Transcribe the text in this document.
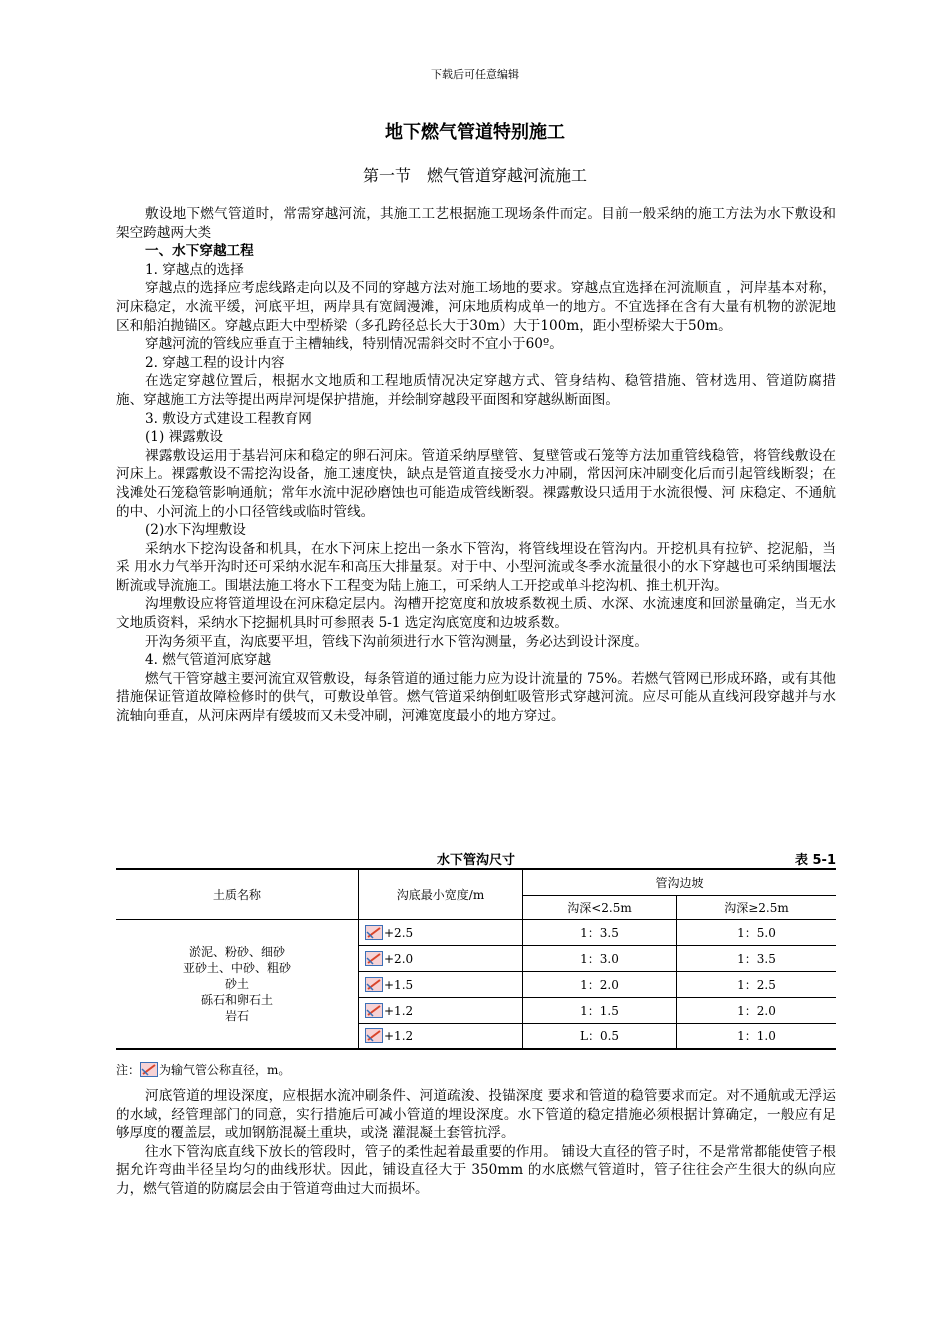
下载后可任意编辑
地下燃气管道特别施工
第一节　燃气管道穿越河流施工

敷设地下燃气管道时，常需穿越河流，其施工工艺根据施工现场条件而定。目前一般采纳的施工方法为水下敷设和架空跨越两大类

一、水下穿越工程

1. 穿越点的选择

穿越点的选择应考虑线路走向以及不同的穿越方法对施工场地的要求。穿越点宜选择在河流顺直 ，河岸基本对称，河床稳定，水流平缓，河底平坦，两岸具有宽阔漫滩，河床地质构成单一的地方。不宜选择在含有大量有机物的淤泥地区和船泊抛锚区。穿越点距大中型桥梁（多孔跨径总长大于30m）大于100m，距小型桥梁大于50m。

穿越河流的管线应垂直于主槽轴线，特别情况需斜交时不宜小于60º。

2. 穿越工程的设计内容

在选定穿越位置后，根据水文地质和工程地质情况决定穿越方式、管身结构、稳管措施、管材选用、管道防腐措施、穿越施工方法等提出两岸河堤保护措施，并绘制穿越段平面图和穿越纵断面图。

3. 敷设方式建设工程教育网

(1) 裸露敷设

裸露敷设运用于基岩河床和稳定的卵石河床。管道采纳厚壁管、复壁管或石笼等方法加重管线稳管，将管线敷设在河床上。裸露敷设不需挖沟设备，施工速度快，缺点是管道直接受水力冲刷，常因河床冲刷变化后而引起管线断裂；在浅滩处石笼稳管影响通航；常年水流中泥砂磨蚀也可能造成管线断裂。裸露敷设只适用于水流很慢、河 床稳定、不通航的中、小河流上的小口径管线或临时管线。

(2)水下沟埋敷设

采纳水下挖沟设备和机具，在水下河床上挖出一条水下管沟，将管线埋设在管沟内。开挖机具有拉铲、挖泥船，当采 用水力气举开沟时还可采纳水泥车和高压大排量泵。对于中、小型河流或冬季水流量很小的水下穿越也可采纳围堰法断流或导流施工。围堪法施工将水下工程变为陆上施工，可采纳人工开挖或单斗挖沟机、推土机开沟。

沟埋敷设应将管道埋设在河床稳定层内。沟槽开挖宽度和放坡系数视土质、水深、水流速度和回淤量确定，当无水文地质资料，采纳水下挖掘机具时可参照表 5-1 选定沟底宽度和边坡系数。

开沟务须平直，沟底要平坦，管线下沟前须进行水下管沟测量，务必达到设计深度。

4. 燃气管道河底穿越

燃气干管穿越主要河流宜双管敷设，每条管道的通过能力应为设计流量的 75%。若燃气管网已形成环路，或有其他 措施保证管道故障检修时的供气，可敷设单管。燃气管道采纳倒虹吸管形式穿越河流。应尽可能从直线河段穿越并与水流轴向垂直，从河床两岸有缓坡而又未受冲刷，河滩宽度最小的地方穿过。

水下管沟尺寸	表 5-1
土质名称	沟底最小宽度/m	管沟边坡	
		沟深<2.5m	沟深≥2.5m

淤泥、粉砂、细砂
亚砂土、中砂、粗砂
砂土
砾石和卵石土
岩石	+2.5	1：3.5	1：5.0
	+2.0	1：3.0	1：3.5
	+1.5	1：2.0	1：2.5
	+1.2	1：1.5	1：2.0
	+1.2	L：0.5	1：1.0
注： 为输气管公称直径，m。

河底管道的埋设深度，应根据水流冲刷条件、河道疏浚、投锚深度 要求和管道的稳管要求而定。对不通航或无浮运的水域，经管理部门的同意，实行措施后可减小管道的埋设深度。水下管道的稳定措施必须根据计算确定，一般应有足够厚度的覆盖层，或加钢筋混凝土重块，或浇 灌混凝土套管抗浮。

往水下管沟底直线下放长的管段时，管子的柔性起着最重要的作用。 铺设大直径的管子时，不是常常都能使管子根据允许弯曲半径呈均匀的曲线形状。因此，铺设直径大于 350mm 的水底燃气管道时，管子往往会产生很大的纵向应力，燃气管道的防腐层会由于管道弯曲过大而损坏。
